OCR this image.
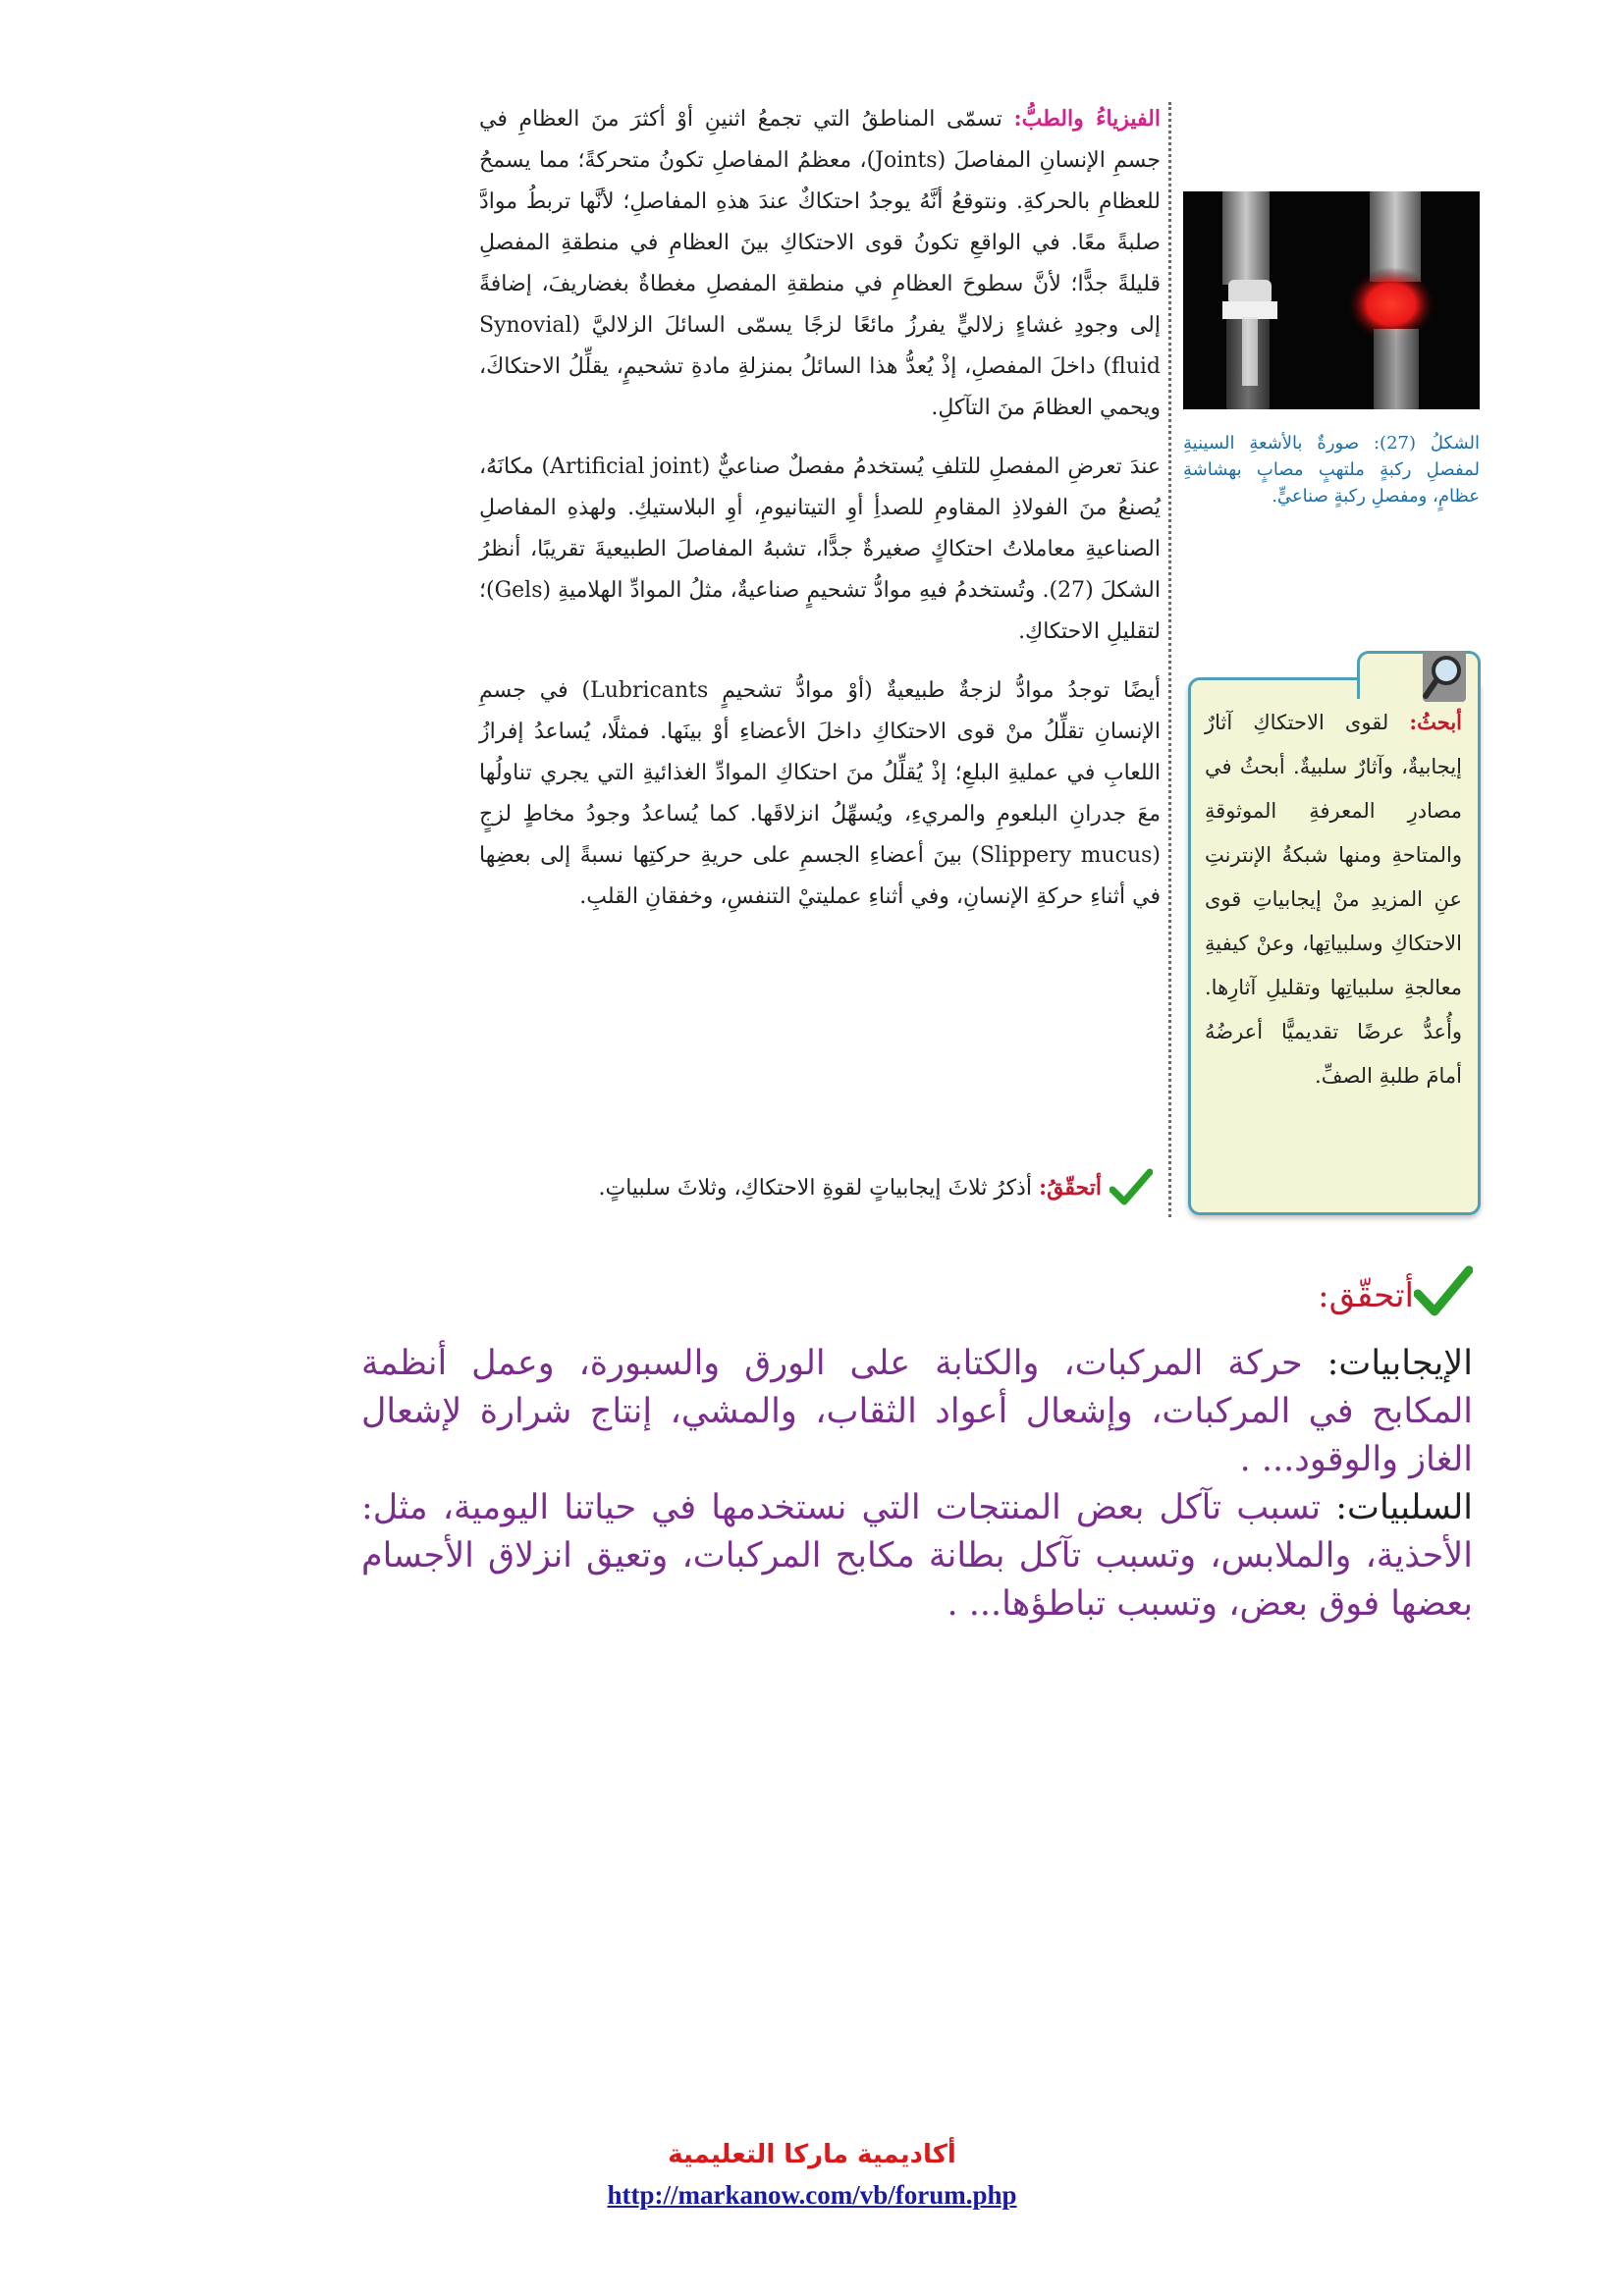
الفيزياءُ والطبُّ: تسمّى المناطقُ التي تجمعُ اثنينِ أوْ أكثرَ منَ العظامِ في جسمِ الإنسانِ المفاصلَ (Joints)، معظمُ المفاصلِ تكونُ متحركةً؛ مما يسمحُ للعظامِ بالحركةِ. ونتوقعُ أنَّهُ يوجدُ احتكاكٌ عندَ هذهِ المفاصلِ؛ لأنَّها تربطُ موادَّ صلبةً معًا. في الواقعِ تكونُ قوى الاحتكاكِ بينَ العظامِ في منطقةِ المفصلِ قليلةً جدًّا؛ لأنَّ سطوحَ العظامِ في منطقةِ المفصلِ مغطاةٌ بغضاريفَ، إضافةً إلى وجودِ غشاءٍ زلاليٍّ يفرزُ مائعًا لزجًا يسمّى السائلَ الزلاليَّ (Synovial fluid) داخلَ المفصلِ، إذْ يُعدُّ هذا السائلُ بمنزلةِ مادةِ تشحيمٍ، يقلِّلُ الاحتكاكَ، ويحمي العظامَ منَ التآكلِ.

عندَ تعرضِ المفصلِ للتلفِ يُستخدمُ مفصلٌ صناعيٌّ (Artificial joint) مكانَهُ، يُصنعُ منَ الفولاذِ المقاومِ للصدأِ أوِ التيتانيومِ، أوِ البلاستيكِ. ولهذهِ المفاصلِ الصناعيةِ معاملاتُ احتكاكٍ صغيرةٌ جدًّا، تشبهُ المفاصلَ الطبيعيةَ تقريبًا، أنظرُ الشكلَ (27). وتُستخدمُ فيهِ موادُّ تشحيمٍ صناعيةٌ، مثلُ الموادِّ الهلاميةِ (Gels)؛ لتقليلِ الاحتكاكِ.

أيضًا توجدُ موادُّ لزجةٌ طبيعيةٌ (أوْ موادُّ تشحيمٍ Lubricants) في جسمِ الإنسانِ تقلِّلُ منْ قوى الاحتكاكِ داخلَ الأعضاءِ أوْ بينَها. فمثلًا، يُساعدُ إفرازُ اللعابِ في عمليةِ البلعِ؛ إذْ يُقلِّلُ منَ احتكاكِ الموادِّ الغذائيةِ التي يجري تناولُها معَ جدرانِ البلعومِ والمريءِ، ويُسهِّلُ انزلاقَها. كما يُساعدُ وجودُ مخاطٍ لزجٍ (Slippery mucus) بينَ أعضاءِ الجسمِ على حريةِ حركتِها نسبةً إلى بعضِها في أثناءِ حركةِ الإنسانِ، وفي أثناءِ عمليتيْ التنفسِ، وخفقانِ القلبِ.

الشكلُ (27): صورةٌ بالأشعةِ السينيةِ لمفصلِ ركبةٍ ملتهبٍ مصابٍ بهشاشةِ عظامٍ، ومفصلِ ركبةٍ صناعيٍّ.
أبحثُ: لقوى الاحتكاكِ آثارٌ إيجابيةٌ، وآثارٌ سلبيةٌ. أبحثُ في مصادرِ المعرفةِ الموثوقةِ والمتاحةِ ومنها شبكةُ الإنترنتِ عنِ المزيدِ منْ إيجابياتِ قوى الاحتكاكِ وسلبياتِها، وعنْ كيفيةِ معالجةِ سلبياتِها وتقليلِ آثارِها. وأُعدُّ عرضًا تقديميًّا أعرضُهُ أمامَ طلبةِ الصفِّ.
أتحقّقُ: أذكرُ ثلاثَ إيجابياتٍ لقوةِ الاحتكاكِ، وثلاثَ سلبياتٍ.
أتحقّق:

الإيجابيات: حركة المركبات، والكتابة على الورق والسبورة، وعمل أنظمة المكابح في المركبات، وإشعال أعواد الثقاب، والمشي، إنتاج شرارة لإشعال الغاز والوقود... .

السلبيات: تسبب تآكل بعض المنتجات التي نستخدمها في حياتنا اليومية، مثل: الأحذية، والملابس، وتسبب تآكل بطانة مكابح المركبات، وتعيق انزلاق الأجسام بعضها فوق بعض، وتسبب تباطؤها... .

أكاديمية ماركا التعليمية
http://markanow.com/vb/forum.php
